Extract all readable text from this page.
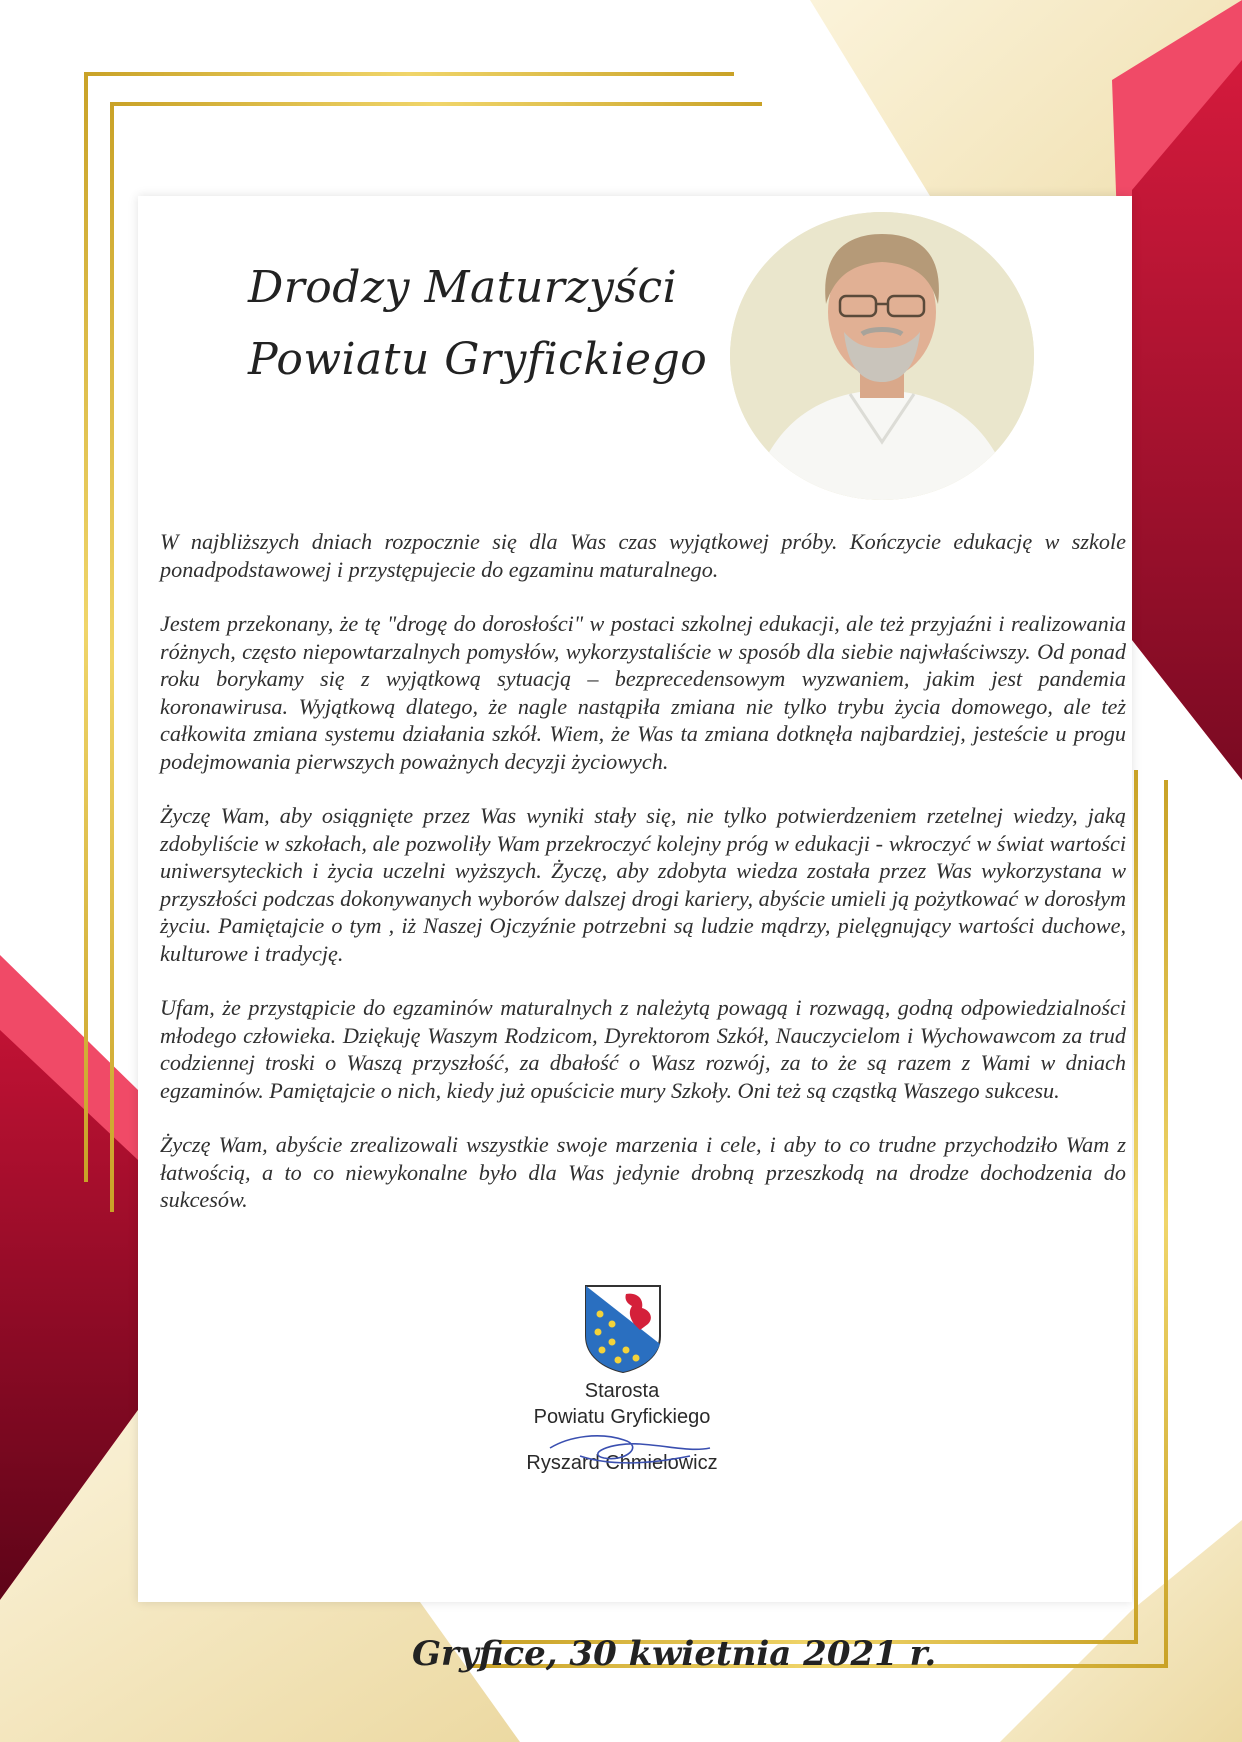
Drodzy Maturzyści
Powiatu Gryfickiego

W najbliższych dniach rozpocznie się dla Was czas wyjątkowej próby. Kończycie edukację w szkole ponadpodstawowej i przystępujecie do egzaminu maturalnego.

Jestem przekonany, że tę "drogę do dorosłości" w postaci szkolnej edukacji, ale też przyjaźni i realizowania różnych, często niepowtarzalnych pomysłów, wykorzystaliście w sposób dla siebie najwłaściwszy. Od ponad roku borykamy się z wyjątkową sytuacją – bezprecedensowym wyzwaniem, jakim jest pandemia koronawirusa. Wyjątkową dlatego, że nagle nastąpiła zmiana nie tylko trybu życia domowego, ale też całkowita zmiana systemu działania szkół. Wiem, że Was ta zmiana dotknęła najbardziej, jesteście u progu podejmowania pierwszych poważnych decyzji życiowych.

Życzę Wam, aby osiągnięte przez Was wyniki stały się, nie tylko potwierdzeniem rzetelnej wiedzy, jaką zdobyliście w szkołach, ale pozwoliły Wam przekroczyć kolejny próg w edukacji - wkroczyć w świat wartości uniwersyteckich i życia uczelni wyższych. Życzę, aby zdobyta wiedza została przez Was wykorzystana w przyszłości podczas dokonywanych wyborów dalszej drogi kariery, abyście umieli ją pożytkować w dorosłym życiu. Pamiętajcie o tym , iż Naszej Ojczyźnie potrzebni są ludzie mądrzy, pielęgnujący wartości duchowe, kulturowe i tradycję.

Ufam, że przystąpicie do egzaminów maturalnych z należytą powagą i rozwagą, godną odpowiedzialności młodego człowieka. Dziękuję Waszym Rodzicom, Dyrektorom Szkół, Nauczycielom i Wychowawcom za trud codziennej troski o Waszą przyszłość, za dbałość o Wasz rozwój, za to że są razem z Wami w dniach egzaminów. Pamiętajcie o nich, kiedy już opuścicie mury Szkoły. Oni też są cząstką Waszego sukcesu.

Życzę Wam, abyście zrealizowali wszystkie swoje marzenia i cele, i aby to co trudne przychodziło Wam z łatwością, a to co niewykonalne było dla Was jedynie drobną przeszkodą na drodze dochodzenia do sukcesów.

Starosta
Powiatu Gryfickiego
Ryszard Chmielowicz
Gryfice, 30 kwietnia 2021 r.
